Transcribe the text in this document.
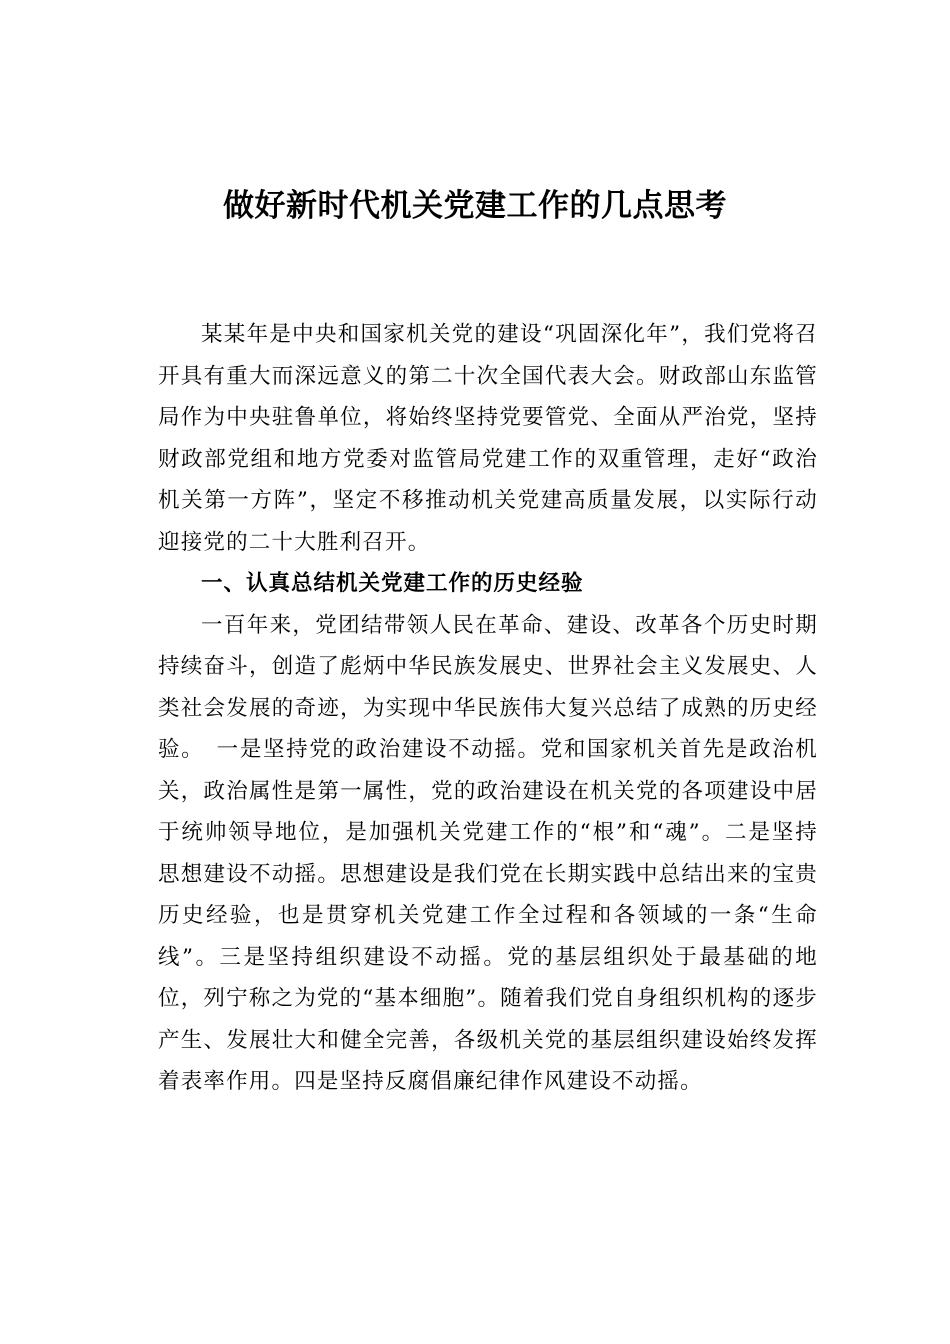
做好新时代机关党建工作的几点思考

某某年是中央和国家机关党的建设“巩固深化年”，我们党将召开具有重大而深远意义的第二十次全国代表大会。财政部山东监管局作为中央驻鲁单位，将始终坚持党要管党、全面从严治党，坚持财政部党组和地方党委对监管局党建工作的双重管理，走好“政治机关第一方阵”，坚定不移推动机关党建高质量发展，以实际行动迎接党的二十大胜利召开。

一、认真总结机关党建工作的历史经验

一百年来，党团结带领人民在革命、建设、改革各个历史时期持续奋斗，创造了彪炳中华民族发展史、世界社会主义发展史、人类社会发展的奇迹，为实现中华民族伟大复兴总结了成熟的历史经验。　一是坚持党的政治建设不动摇。党和国家机关首先是政治机关，政治属性是第一属性，党的政治建设在机关党的各项建设中居于统帅领导地位，是加强机关党建工作的“根”和“魂”。二是坚持思想建设不动摇。思想建设是我们党在长期实践中总结出来的宝贵历史经验，也是贯穿机关党建工作全过程和各领域的一条“生命线”。三是坚持组织建设不动摇。党的基层组织处于最基础的地位，列宁称之为党的“基本细胞”。随着我们党自身组织机构的逐步产生、发展壮大和健全完善，各级机关党的基层组织建设始终发挥着表率作用。四是坚持反腐倡廉纪律作风建设不动摇。
